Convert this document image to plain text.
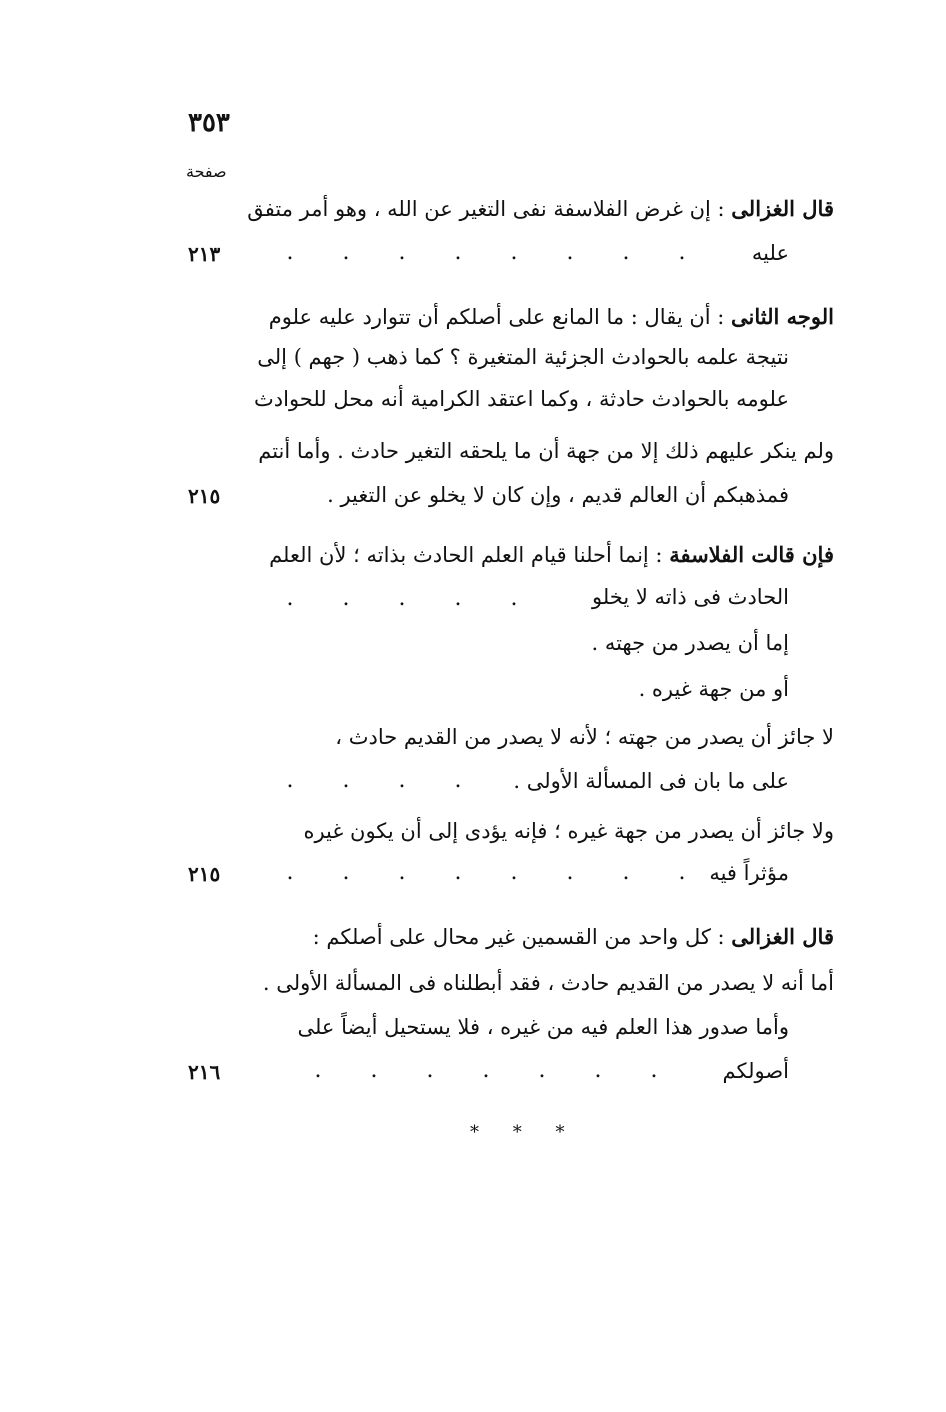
٣٥٣
صفحة
قال الغزالى : إن غرض الفلاسفة نفى التغير عن الله ، وهو أمر متفق
عليه
. . . . . . . .
٢١٣
الوجه الثانى : أن يقال : ما المانع على أصلكم أن تتوارد عليه علوم
نتيجة علمه بالحوادث الجزئية المتغيرة ؟ كما ذهب ( جهم ) إلى
علومه بالحوادث حادثة ، وكما اعتقد الكرامية أنه محل للحوادث
ولم ينكر عليهم ذلك إلا من جهة أن ما يلحقه التغير حادث . وأما أنتم
فمذهبكم أن العالم قديم ، وإن كان لا يخلو عن التغير .
٢١٥
فإن قالت الفلاسفة : إنما أحلنا قيام العلم الحادث بذاته ؛ لأن العلم
الحادث فى ذاته لا يخلو
. . . . .
إما أن يصدر من جهته .
أو من جهة غيره .
لا جائز أن يصدر من جهته ؛ لأنه لا يصدر من القديم حادث ،
على ما بان فى المسألة الأولى .
. . . .
ولا جائز أن يصدر من جهة غيره ؛ فإنه يؤدى إلى أن يكون غيره
مؤثراً فيه
. . . . . . . .
٢١٥
قال الغزالى : كل واحد من القسمين غير محال على أصلكم :
أما أنه لا يصدر من القديم حادث ، فقد أبطلناه فى المسألة الأولى .
وأما صدور هذا العلم فيه من غيره ، فلا يستحيل أيضاً على
أصولكم
. . . . . . .
٢١٦
* * *
